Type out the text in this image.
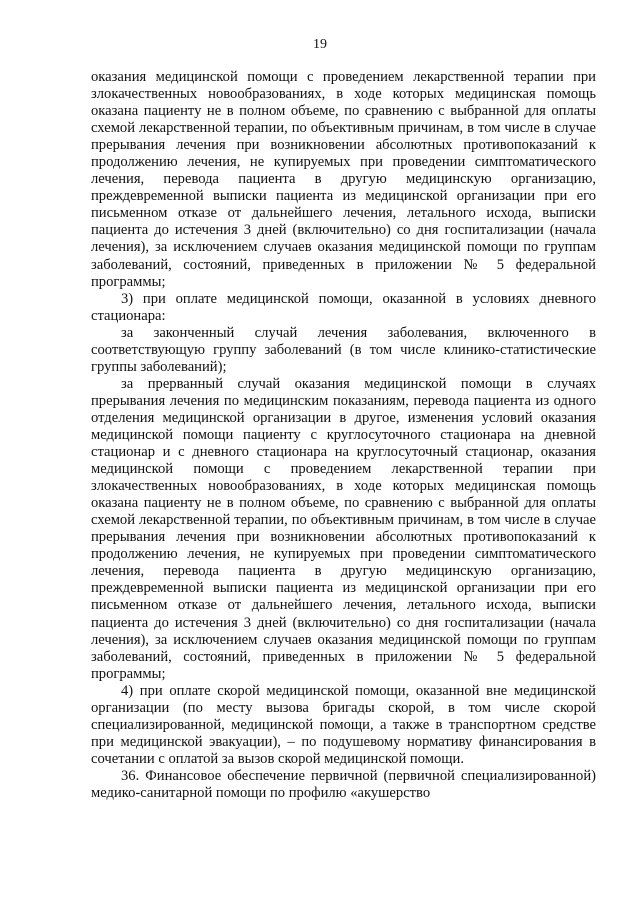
19

оказания медицинской помощи с проведением лекарственной терапии при злокачественных новообразованиях, в ходе которых медицинская помощь оказана пациенту не в полном объеме, по сравнению с выбранной для оплаты схемой лекарственной терапии, по объективным причинам, в том числе в случае прерывания лечения при возникновении абсолютных противопоказаний к продолжению лечения, не купируемых при проведении симптоматического лечения, перевода пациента в другую медицинскую организацию, преждевременной выписки пациента из медицинской организации при его письменном отказе от дальнейшего лечения, летального исхода, выписки пациента до истечения 3 дней (включительно) со дня госпитализации (начала лечения), за исключением случаев оказания медицинской помощи по группам заболеваний, состояний, приведенных в приложении № 5 федеральной программы;

3) при оплате медицинской помощи, оказанной в условиях дневного стационара:

за законченный случай лечения заболевания, включенного в соответствующую группу заболеваний (в том числе клинико-статистические группы заболеваний);

за прерванный случай оказания медицинской помощи в случаях прерывания лечения по медицинским показаниям, перевода пациента из одного отделения медицинской организации в другое, изменения условий оказания медицинской помощи пациенту с круглосуточного стационара на дневной стационар и с дневного стационара на круглосуточный стационар, оказания медицинской помощи с проведением лекарственной терапии при злокачественных новообразованиях, в ходе которых медицинская помощь оказана пациенту не в полном объеме, по сравнению с выбранной для оплаты схемой лекарственной терапии, по объективным причинам, в том числе в случае прерывания лечения при возникновении абсолютных противопоказаний к продолжению лечения, не купируемых при проведении симптоматического лечения, перевода пациента в другую медицинскую организацию, преждевременной выписки пациента из медицинской организации при его письменном отказе от дальнейшего лечения, летального исхода, выписки пациента до истечения 3 дней (включительно) со дня госпитализации (начала лечения), за исключением случаев оказания медицинской помощи по группам заболеваний, состояний, приведенных в приложении № 5 федеральной программы;

4) при оплате скорой медицинской помощи, оказанной вне медицинской организации (по месту вызова бригады скорой, в том числе скорой специализированной, медицинской помощи, а также в транспортном средстве при медицинской эвакуации), – по подушевому нормативу финансирования в сочетании с оплатой за вызов скорой медицинской помощи.

36. Финансовое обеспечение первичной (первичной специализированной) медико-санитарной помощи по профилю «акушерство
